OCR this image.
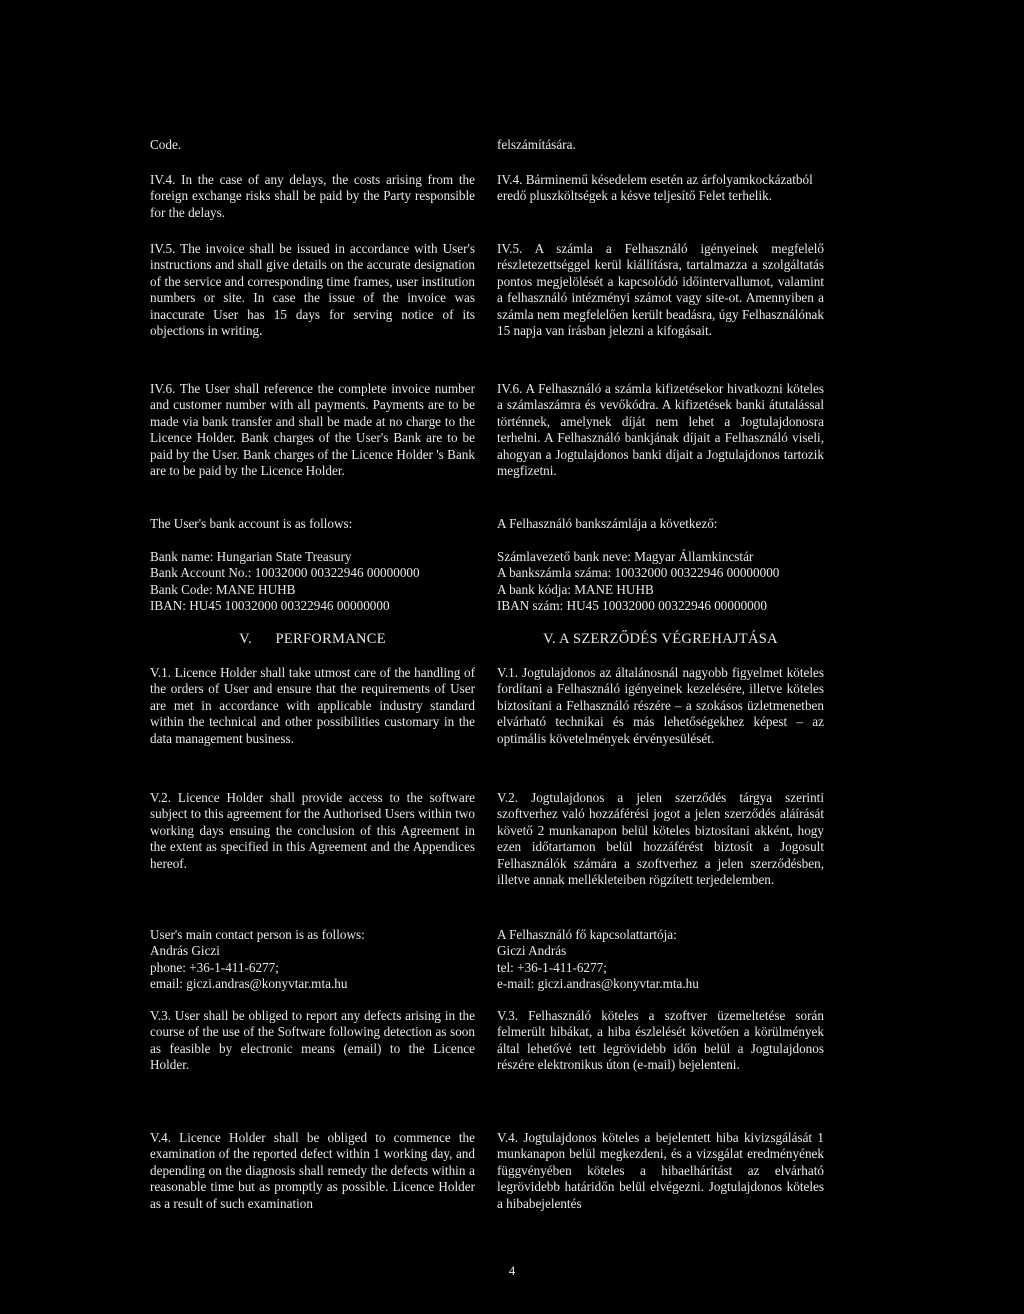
Code.

IV.4. In the case of any delays, the costs arising from the foreign exchange risks shall be paid by the Party responsible for the delays.

IV.5. The invoice shall be issued in accordance with User's instructions and shall give details on the accurate designation of the service and corresponding time frames, user institution numbers or site. In case the issue of the invoice was inaccurate User has 15 days for serving notice of its objections in writing.

IV.6. The User shall reference the complete invoice number and customer number with all payments. Payments are to be made via bank transfer and shall be made at no charge to the Licence Holder. Bank charges of the User's Bank are to be paid by the User. Bank charges of the Licence Holder 's Bank are to be paid by the Licence Holder.

The User's bank account is as follows:

Bank name: Hungarian State Treasury
Bank Account No.: 10032000 00322946 00000000
Bank Code: MANE HUHB
IBAN: HU45 10032000 00322946 00000000
V.      PERFORMANCE

V.1. Licence Holder shall take utmost care of the handling of the orders of User and ensure that the requirements of User are met in accordance with applicable industry standard within the technical and other possibilities customary in the data management business.

V.2. Licence Holder shall provide access to the software subject to this agreement for the Authorised Users within two working days ensuing the conclusion of this Agreement in the extent as specified in this Agreement and the Appendices hereof.

User's main contact person is as follows:
András Giczi
phone: +36-1-411-6277;
email: giczi.andras@konyvtar.mta.hu

V.3. User shall be obliged to report any defects arising in the course of the use of the Software following detection as soon as feasible by electronic means (email) to the Licence Holder.

V.4. Licence Holder shall be obliged to commence the examination of the reported defect within 1 working day, and depending on the diagnosis shall remedy the defects within a reasonable time but as promptly as possible. Licence Holder as a result of such examination

felszámítására.

IV.4. Bárminemű késedelem esetén az árfolyamkockázatból eredő pluszköltségek a késve teljesítő Felet terhelik.

IV.5. A számla a Felhasználó igényeinek megfelelő részletezettséggel kerül kiállításra, tartalmazza a szolgáltatás pontos megjelölését a kapcsolódó időintervallumot, valamint a felhasználó intézményi számot vagy site-ot. Amennyiben a számla nem megfelelően került beadásra, úgy Felhasználónak 15 napja van írásban jelezni a kifogásait.

IV.6. A Felhasználó a számla kifizetésekor hivatkozni köteles a számlaszámra és vevőkódra. A kifizetések banki átutalással történnek, amelynek díját nem lehet a Jogtulajdonosra terhelni. A Felhasználó bankjának díjait a Felhasználó viseli, ahogyan a Jogtulajdonos banki díjait a Jogtulajdonos tartozik megfizetni.

A Felhasználó bankszámlája a következő:

Számlavezető bank neve: Magyar Államkincstár
A bankszámla száma: 10032000 00322946 00000000
A bank kódja: MANE HUHB
IBAN szám: HU45 10032000 00322946 00000000
V. A SZERZŐDÉS VÉGREHAJTÁSA

V.1. Jogtulajdonos az általánosnál nagyobb figyelmet köteles fordítani a Felhasználó igényeinek kezelésére, illetve köteles biztosítani a Felhasználó részére – a szokásos üzletmenetben elvárható technikai és más lehetőségekhez képest – az optimális követelmények érvényesülését.

V.2. Jogtulajdonos a jelen szerződés tárgya szerinti szoftverhez való hozzáférési jogot a jelen szerződés aláírását követő 2 munkanapon belül köteles biztosítani akként, hogy ezen időtartamon belül hozzáférést biztosít a Jogosult Felhasználók számára a szoftverhez a jelen szerződésben, illetve annak mellékleteiben rögzített terjedelemben.

A Felhasználó fő kapcsolattartója:
Giczi András
tel: +36-1-411-6277;
e-mail: giczi.andras@konyvtar.mta.hu

V.3. Felhasználó köteles a szoftver üzemeltetése során felmerült hibákat, a hiba észlelését követően a körülmények által lehetővé tett legrövidebb időn belül a Jogtulajdonos részére elektronikus úton (e-mail) bejelenteni.

V.4. Jogtulajdonos köteles a bejelentett hiba kivizsgálását 1 munkanapon belül megkezdeni, és a vizsgálat eredményének függvényében köteles a hibaelhárítást az elvárható legrövidebb határidőn belül elvégezni. Jogtulajdonos köteles a hibabejelentés

4
